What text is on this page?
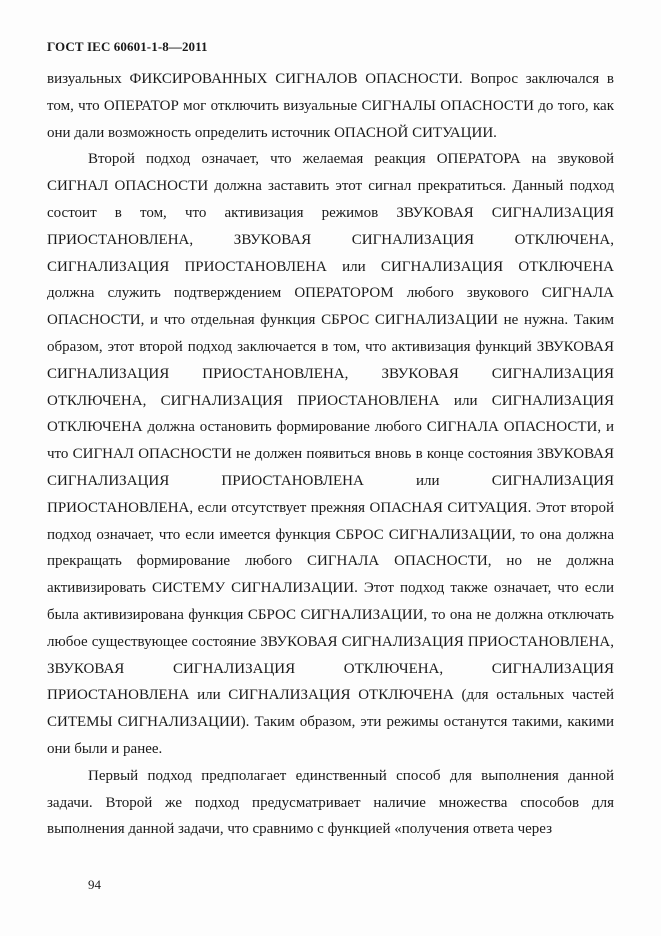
ГОСТ IEC 60601-1-8—2011

визуальных ФИКСИРОВАННЫХ СИГНАЛОВ ОПАСНОСТИ. Вопрос заключался в том, что ОПЕРАТОР мог отключить визуальные СИГНАЛЫ ОПАСНОСТИ до того, как они дали возможность определить источник ОПАСНОЙ СИТУАЦИИ.

Второй подход означает, что желаемая реакция ОПЕРАТОРА на звуковой СИГНАЛ ОПАСНОСТИ должна заставить этот сигнал прекратиться. Данный подход состоит в том, что активизация режимов ЗВУКОВАЯ СИГНАЛИЗАЦИЯ ПРИОСТАНОВЛЕНА, ЗВУКОВАЯ СИГНАЛИЗАЦИЯ ОТКЛЮЧЕНА, СИГНАЛИЗАЦИЯ ПРИОСТАНОВЛЕНА или СИГНАЛИЗАЦИЯ ОТКЛЮЧЕНА должна служить подтверждением ОПЕРАТОРОМ любого звукового СИГНАЛА ОПАСНОСТИ, и что отдельная функция СБРОС СИГНАЛИЗАЦИИ не нужна. Таким образом, этот второй подход заключается в том, что активизация функций ЗВУКОВАЯ СИГНАЛИЗАЦИЯ ПРИОСТАНОВЛЕНА, ЗВУКОВАЯ СИГНАЛИЗАЦИЯ ОТКЛЮЧЕНА, СИГНАЛИЗАЦИЯ ПРИОСТАНОВЛЕНА или СИГНАЛИЗАЦИЯ ОТКЛЮЧЕНА должна остановить формирование любого СИГНАЛА ОПАСНОСТИ, и что СИГНАЛ ОПАСНОСТИ не должен появиться вновь в конце состояния ЗВУКОВАЯ СИГНАЛИЗАЦИЯ ПРИОСТАНОВЛЕНА или СИГНАЛИЗАЦИЯ ПРИОСТАНОВЛЕНА, если отсутствует прежняя ОПАСНАЯ СИТУАЦИЯ. Этот второй подход означает, что если имеется функция СБРОС СИГНАЛИЗАЦИИ, то она должна прекращать формирование любого СИГНАЛА ОПАСНОСТИ, но не должна активизировать СИСТЕМУ СИГНАЛИЗАЦИИ. Этот подход также означает, что если была активизирована функция СБРОС СИГНАЛИЗАЦИИ, то она не должна отключать любое существующее состояние ЗВУКОВАЯ СИГНАЛИЗАЦИЯ ПРИОСТАНОВЛЕНА, ЗВУКОВАЯ СИГНАЛИЗАЦИЯ ОТКЛЮЧЕНА, СИГНАЛИЗАЦИЯ ПРИОСТАНОВЛЕНА или СИГНАЛИЗАЦИЯ ОТКЛЮЧЕНА (для остальных частей СИТЕМЫ СИГНАЛИЗАЦИИ). Таким образом, эти режимы останутся такими, какими они были и ранее.

Первый подход предполагает единственный способ для выполнения данной задачи. Второй же подход предусматривает наличие множества способов для выполнения данной задачи, что сравнимо с функцией «получения ответа через

94
